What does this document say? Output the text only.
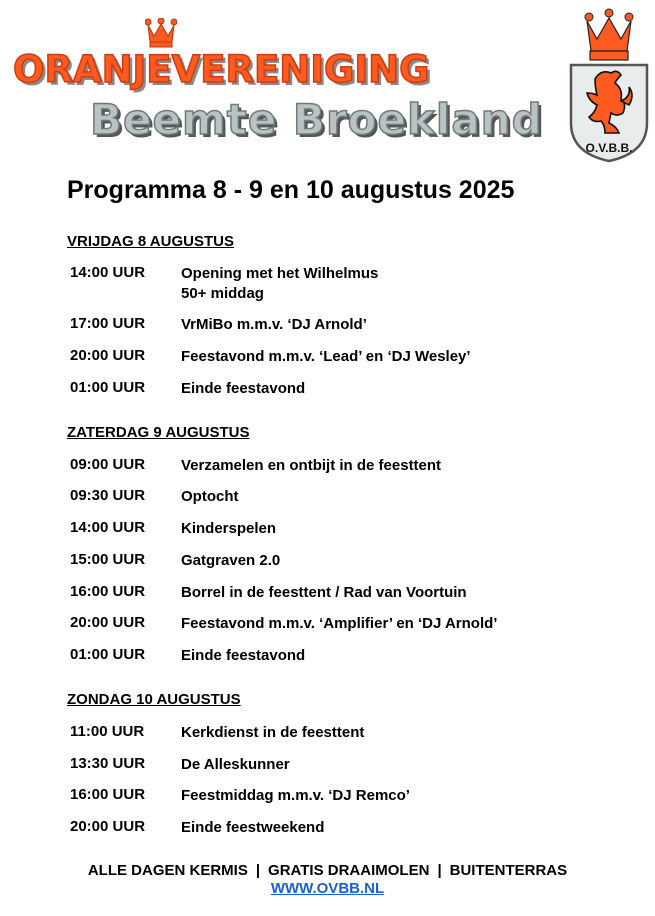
ORANJEVERENIGING
Beemte Broekland
O.V.B.B.
Programma 8 - 9 en 10 augustus 2025
VRIJDAG 8 AUGUSTUS
14:00 UUR Opening met het Wilhelmus
50+ middag
17:00 UUR VrMiBo m.m.v. ‘DJ Arnold’
20:00 UUR Feestavond m.m.v. ‘Lead’ en ‘DJ Wesley’
01:00 UUR Einde feestavond
ZATERDAG 9 AUGUSTUS
09:00 UUR Verzamelen en ontbijt in de feesttent
09:30 UUR Optocht
14:00 UUR Kinderspelen
15:00 UUR Gatgraven 2.0
16:00 UUR Borrel in de feesttent / Rad van Voortuin
20:00 UUR Feestavond m.m.v. ‘Amplifier’ en ‘DJ Arnold’
01:00 UUR Einde feestavond
ZONDAG 10 AUGUSTUS
11:00 UUR Kerkdienst in de feesttent
13:30 UUR De Alleskunner
16:00 UUR Feestmiddag m.m.v. ‘DJ Remco’
20:00 UUR Einde feestweekend
ALLE DAGEN KERMIS | GRATIS DRAAIMOLEN | BUITENTERRAS
WWW.OVBB.NL
